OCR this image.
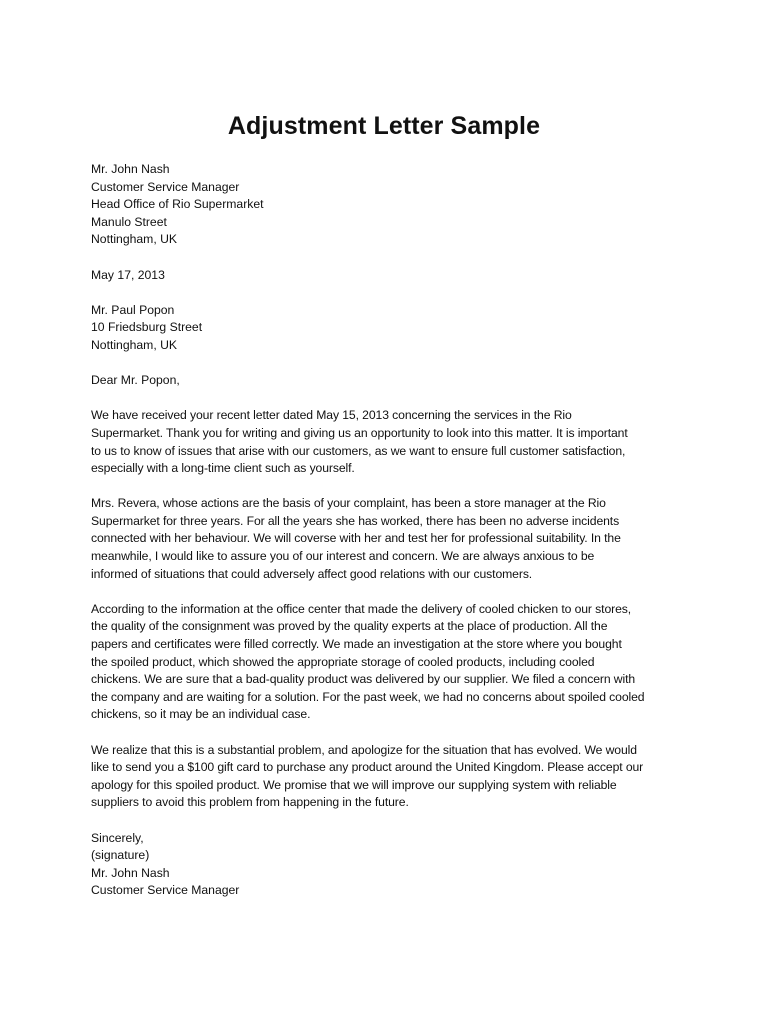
Adjustment Letter Sample
Mr. John Nash
Customer Service Manager
Head Office of Rio Supermarket
Manulo Street
Nottingham, UK
May 17, 2013
Mr. Paul Popon
10 Friedsburg Street
Nottingham, UK
Dear Mr. Popon,
We have received your recent letter dated May 15, 2013 concerning the services in the Rio
Supermarket. Thank you for writing and giving us an opportunity to look into this matter. It is important
to us to know of issues that arise with our customers, as we want to ensure full customer satisfaction,
especially with a long-time client such as yourself.
Mrs. Revera, whose actions are the basis of your complaint, has been a store manager at the Rio
Supermarket for three years. For all the years she has worked, there has been no adverse incidents
connected with her behaviour. We will coverse with her and test her for professional suitability. In the
meanwhile, I would like to assure you of our interest and concern. We are always anxious to be
informed of situations that could adversely affect good relations with our customers.
According to the information at the office center that made the delivery of cooled chicken to our stores,
the quality of the consignment was proved by the quality experts at the place of production. All the
papers and certificates were filled correctly. We made an investigation at the store where you bought
the spoiled product, which showed the appropriate storage of cooled products, including cooled
chickens. We are sure that a bad-quality product was delivered by our supplier. We filed a concern with
the company and are waiting for a solution. For the past week, we had no concerns about spoiled cooled
chickens, so it may be an individual case.
We realize that this is a substantial problem, and apologize for the situation that has evolved. We would
like to send you a $100 gift card to purchase any product around the United Kingdom. Please accept our
apology for this spoiled product. We promise that we will improve our supplying system with reliable
suppliers to avoid this problem from happening in the future.
Sincerely,
(signature)
Mr. John Nash
Customer Service Manager
